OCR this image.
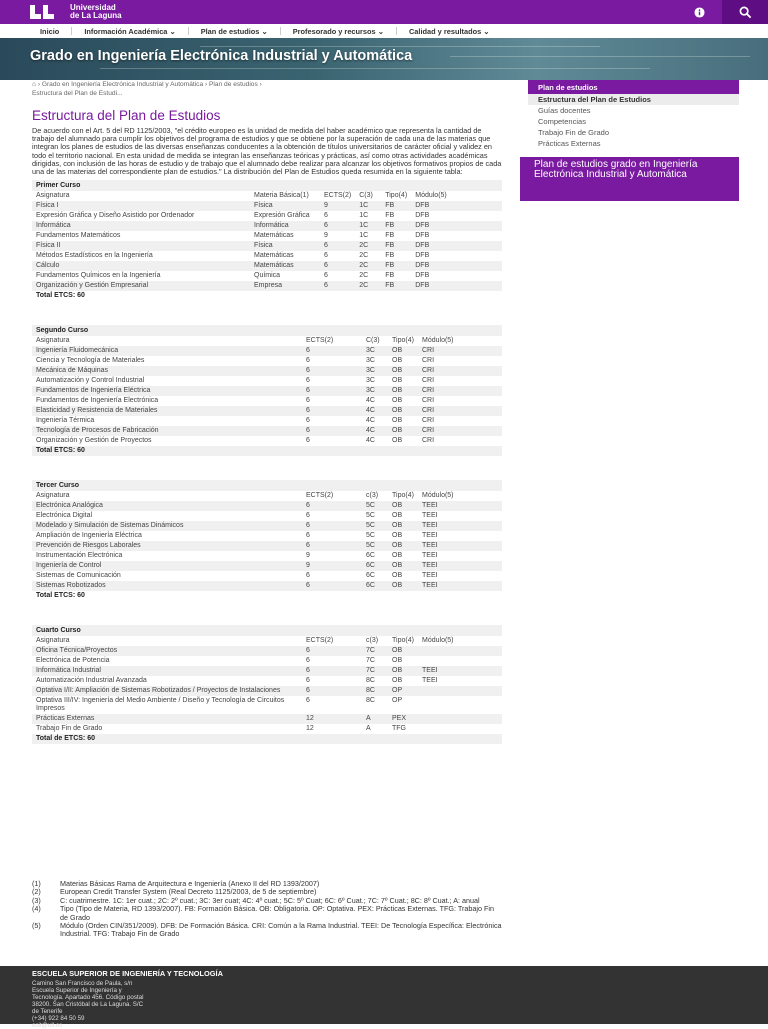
Universidad
de La Laguna
Inicio	Información Académica ⌄	Plan de estudios ⌄	Profesorado y recursos ⌄	Calidad y resultados ⌄
Grado en Ingeniería Electrónica Industrial y Automática
⌂ › Grado en Ingeniería Electrónica Industrial y Automática › Plan de estudios ›
Estructura del Plan de Estudi...
Estructura del Plan de Estudios

De acuerdo con el Art. 5 del RD 1125/2003, "el crédito europeo es la unidad de medida del haber académico que representa la cantidad de trabajo del alumnado para cumplir los objetivos del programa de estudios y que se obtiene por la superación de cada una de las materias que integran los planes de estudios de las diversas enseñanzas conducentes a la obtención de títulos universitarios de carácter oficial y validez en todo el territorio nacional. En esta unidad de medida se integran las enseñanzas teóricas y prácticas, así como otras actividades académicas dirigidas, con inclusión de las horas de estudio y de trabajo que el alumnado debe realizar para alcanzar los objetivos formativos propios de cada una de las materias del correspondiente plan de estudios." La distribución del Plan de Estudios queda resumida en la siguiente tabla:

Primer Curso
Asignatura	Materia Básica(1)	ECTS(2)	C(3)	Tipo(4)	Módulo(5)
Física I	Física	9	1C	FB	DFB
Expresión Gráfica y Diseño Asistido por Ordenador	Expresión Gráfica	6	1C	FB	DFB
Informática	Informática	6	1C	FB	DFB
Fundamentos Matemáticos	Matemáticas	9	1C	FB	DFB
Física II	Física	6	2C	FB	DFB
Métodos Estadísticos en la Ingeniería	Matemáticas	6	2C	FB	DFB
Cálculo	Matemáticas	6	2C	FB	DFB
Fundamentos Químicos en la Ingeniería	Química	6	2C	FB	DFB
Organización y Gestión Empresarial	Empresa	6	2C	FB	DFB
Total ETCS: 60					
Segundo Curso
Asignatura	ECTS(2)	C(3)	Tipo(4)	Módulo(5)
Ingeniería Fluidomecánica	6	3C	OB	CRI
Ciencia y Tecnología de Materiales	6	3C	OB	CRI
Mecánica de Máquinas	6	3C	OB	CRI
Automatización y Control Industrial	6	3C	OB	CRI
Fundamentos de Ingeniería Eléctrica	6	3C	OB	CRI
Fundamentos de Ingeniería Electrónica	6	4C	OB	CRI
Elasticidad y Resistencia de Materiales	6	4C	OB	CRI
Ingeniería Térmica	6	4C	OB	CRI
Tecnología de Procesos de Fabricación	6	4C	OB	CRI
Organización y Gestión de Proyectos	6	4C	OB	CRI
Total ETCS: 60				
Tercer Curso
Asignatura	ECTS(2)	c(3)	Tipo(4)	Módulo(5)
Electrónica Analógica	6	5C	OB	TEEI
Electrónica Digital	6	5C	OB	TEEI
Modelado y Simulación de Sistemas Dinámicos	6	5C	OB	TEEI
Ampliación de Ingeniería Eléctrica	6	5C	OB	TEEI
Prevención de Riesgos Laborales	6	5C	OB	TEEI
Instrumentación Electrónica	9	6C	OB	TEEI
Ingeniería de Control	9	6C	OB	TEEI
Sistemas de Comunicación	6	6C	OB	TEEI
Sistemas Robotizados	6	6C	OB	TEEI
Total ETCS: 60				
Cuarto Curso
Asignatura	ECTS(2)	c(3)	Tipo(4)	Módulo(5)
Oficina Técnica/Proyectos	6	7C	OB	
Electrónica de Potencia	6	7C	OB	
Informática Industrial	6	7C	OB	TEEI
Automatización Industrial Avanzada	6	8C	OB	TEEI
Optativa I/II: Ampliación de Sistemas Robotizados / Proyectos de Instalaciones	6	8C	OP	
Optativa III/IV: Ingeniería del Medio Ambiente / Diseño y Tecnología de Circuitos Impresos	6	8C	OP	
Prácticas Externas	12	A	PEX	
Trabajo Fin de Grado	12	A	TFG	
Total de ETCS: 60				
(1)	Materias Básicas Rama de Arquitectura e Ingeniería (Anexo II del RD 1393/2007)
(2)	European Credit Transfer System (Real Decreto 1125/2003, de 5 de septiembre)
(3)	C: cuatrimestre. 1C: 1er cuat.; 2C: 2º cuat.; 3C: 3er cuat; 4C: 4º cuat.; 5C: 5º Cuat; 6C: 6º Cuat.; 7C: 7º Cuat.; 8C: 8º Cuat.; A: anual
(4)	Tipo (Tipo de Materia, RD 1393/2007). FB: Formación Básica. OB: Obligatoria. OP: Optativa. PEX: Prácticas Externas. TFG: Trabajo Fin de Grado
(5)	Módulo (Orden CIN/351/2009). DFB: De Formación Básica. CRI: Común a la Rama Industrial. TEEI: De Tecnología Específica: Electrónica Industrial. TFG: Trabajo Fin de Grado
Plan de estudios
Estructura del Plan de Estudios
Guías docentes
Competencias
Trabajo Fin de Grado
Prácticas Externas
Plan de estudios grado en Ingeniería Electrónica Industrial y Automática
ESCUELA SUPERIOR DE INGENIERÍA Y TECNOLOGÍA
Camino San Francisco de Paula, s/n
Escuela Superior de Ingeniería y
Tecnología. Apartado 456. Código postal
38200. San Cristóbal de La Laguna. S/C
de Tenerife
(+34) 922 84 50 59
esit@ull.es
